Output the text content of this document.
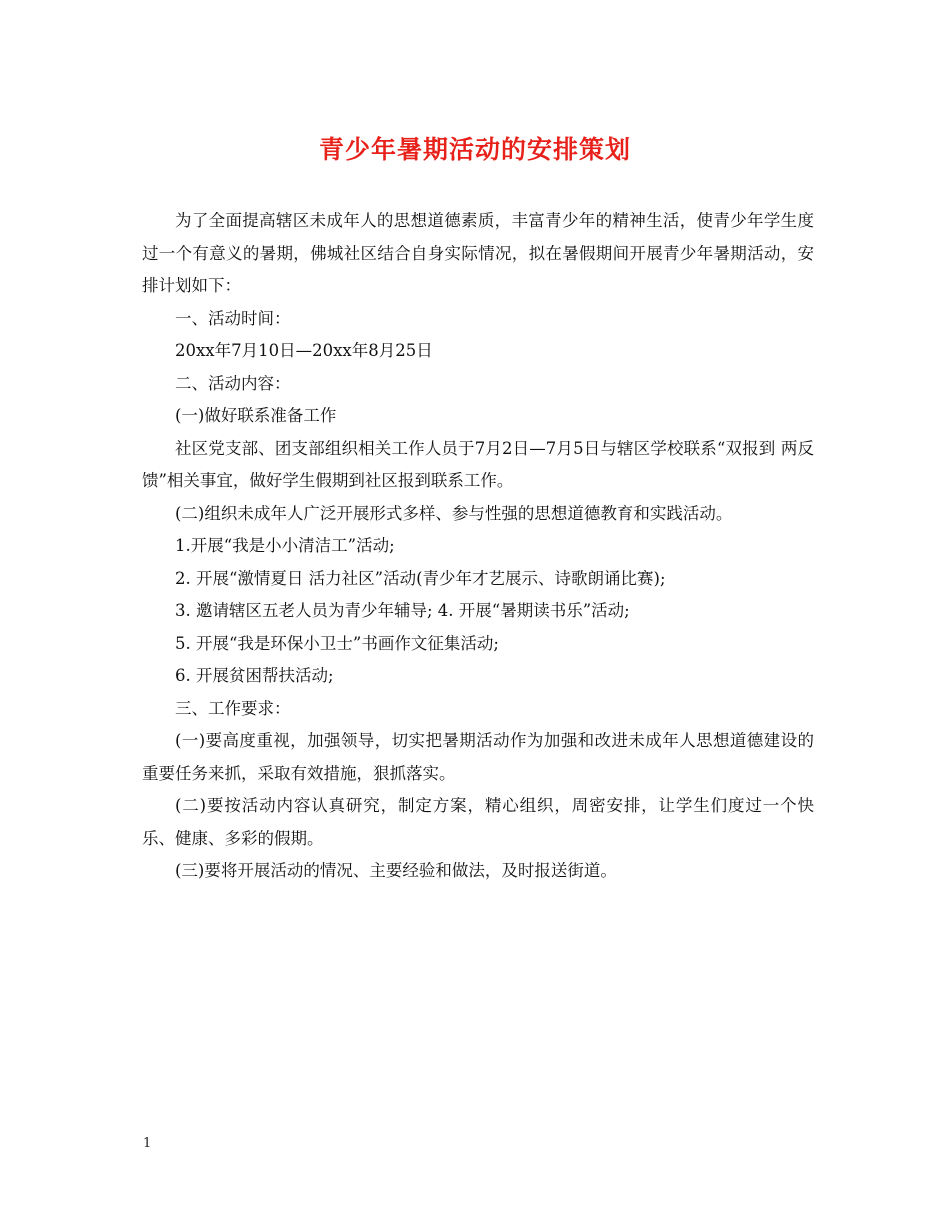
青少年暑期活动的安排策划

为了全面提高辖区未成年人的思想道德素质，丰富青少年的精神生活，使青少年学生度过一个有意义的暑期，佛城社区结合自身实际情况，拟在暑假期间开展青少年暑期活动，安排计划如下：

一、活动时间：

20xx年7月10日—20xx年8月25日

二、活动内容：

(一)做好联系准备工作

社区党支部、团支部组织相关工作人员于7月2日—7月5日与辖区学校联系“双报到 两反馈”相关事宜，做好学生假期到社区报到联系工作。

(二)组织未成年人广泛开展形式多样、参与性强的思想道德教育和实践活动。

1.开展“我是小小清洁工”活动;

2. 开展“激情夏日 活力社区”活动(青少年才艺展示、诗歌朗诵比赛);

3. 邀请辖区五老人员为青少年辅导; 4. 开展“暑期读书乐”活动;

5. 开展“我是环保小卫士”书画作文征集活动;

6. 开展贫困帮扶活动;

三、工作要求：

(一)要高度重视，加强领导，切实把暑期活动作为加强和改进未成年人思想道德建设的重要任务来抓，采取有效措施，狠抓落实。

(二)要按活动内容认真研究，制定方案，精心组织，周密安排，让学生们度过一个快乐、健康、多彩的假期。

(三)要将开展活动的情况、主要经验和做法，及时报送街道。

1
